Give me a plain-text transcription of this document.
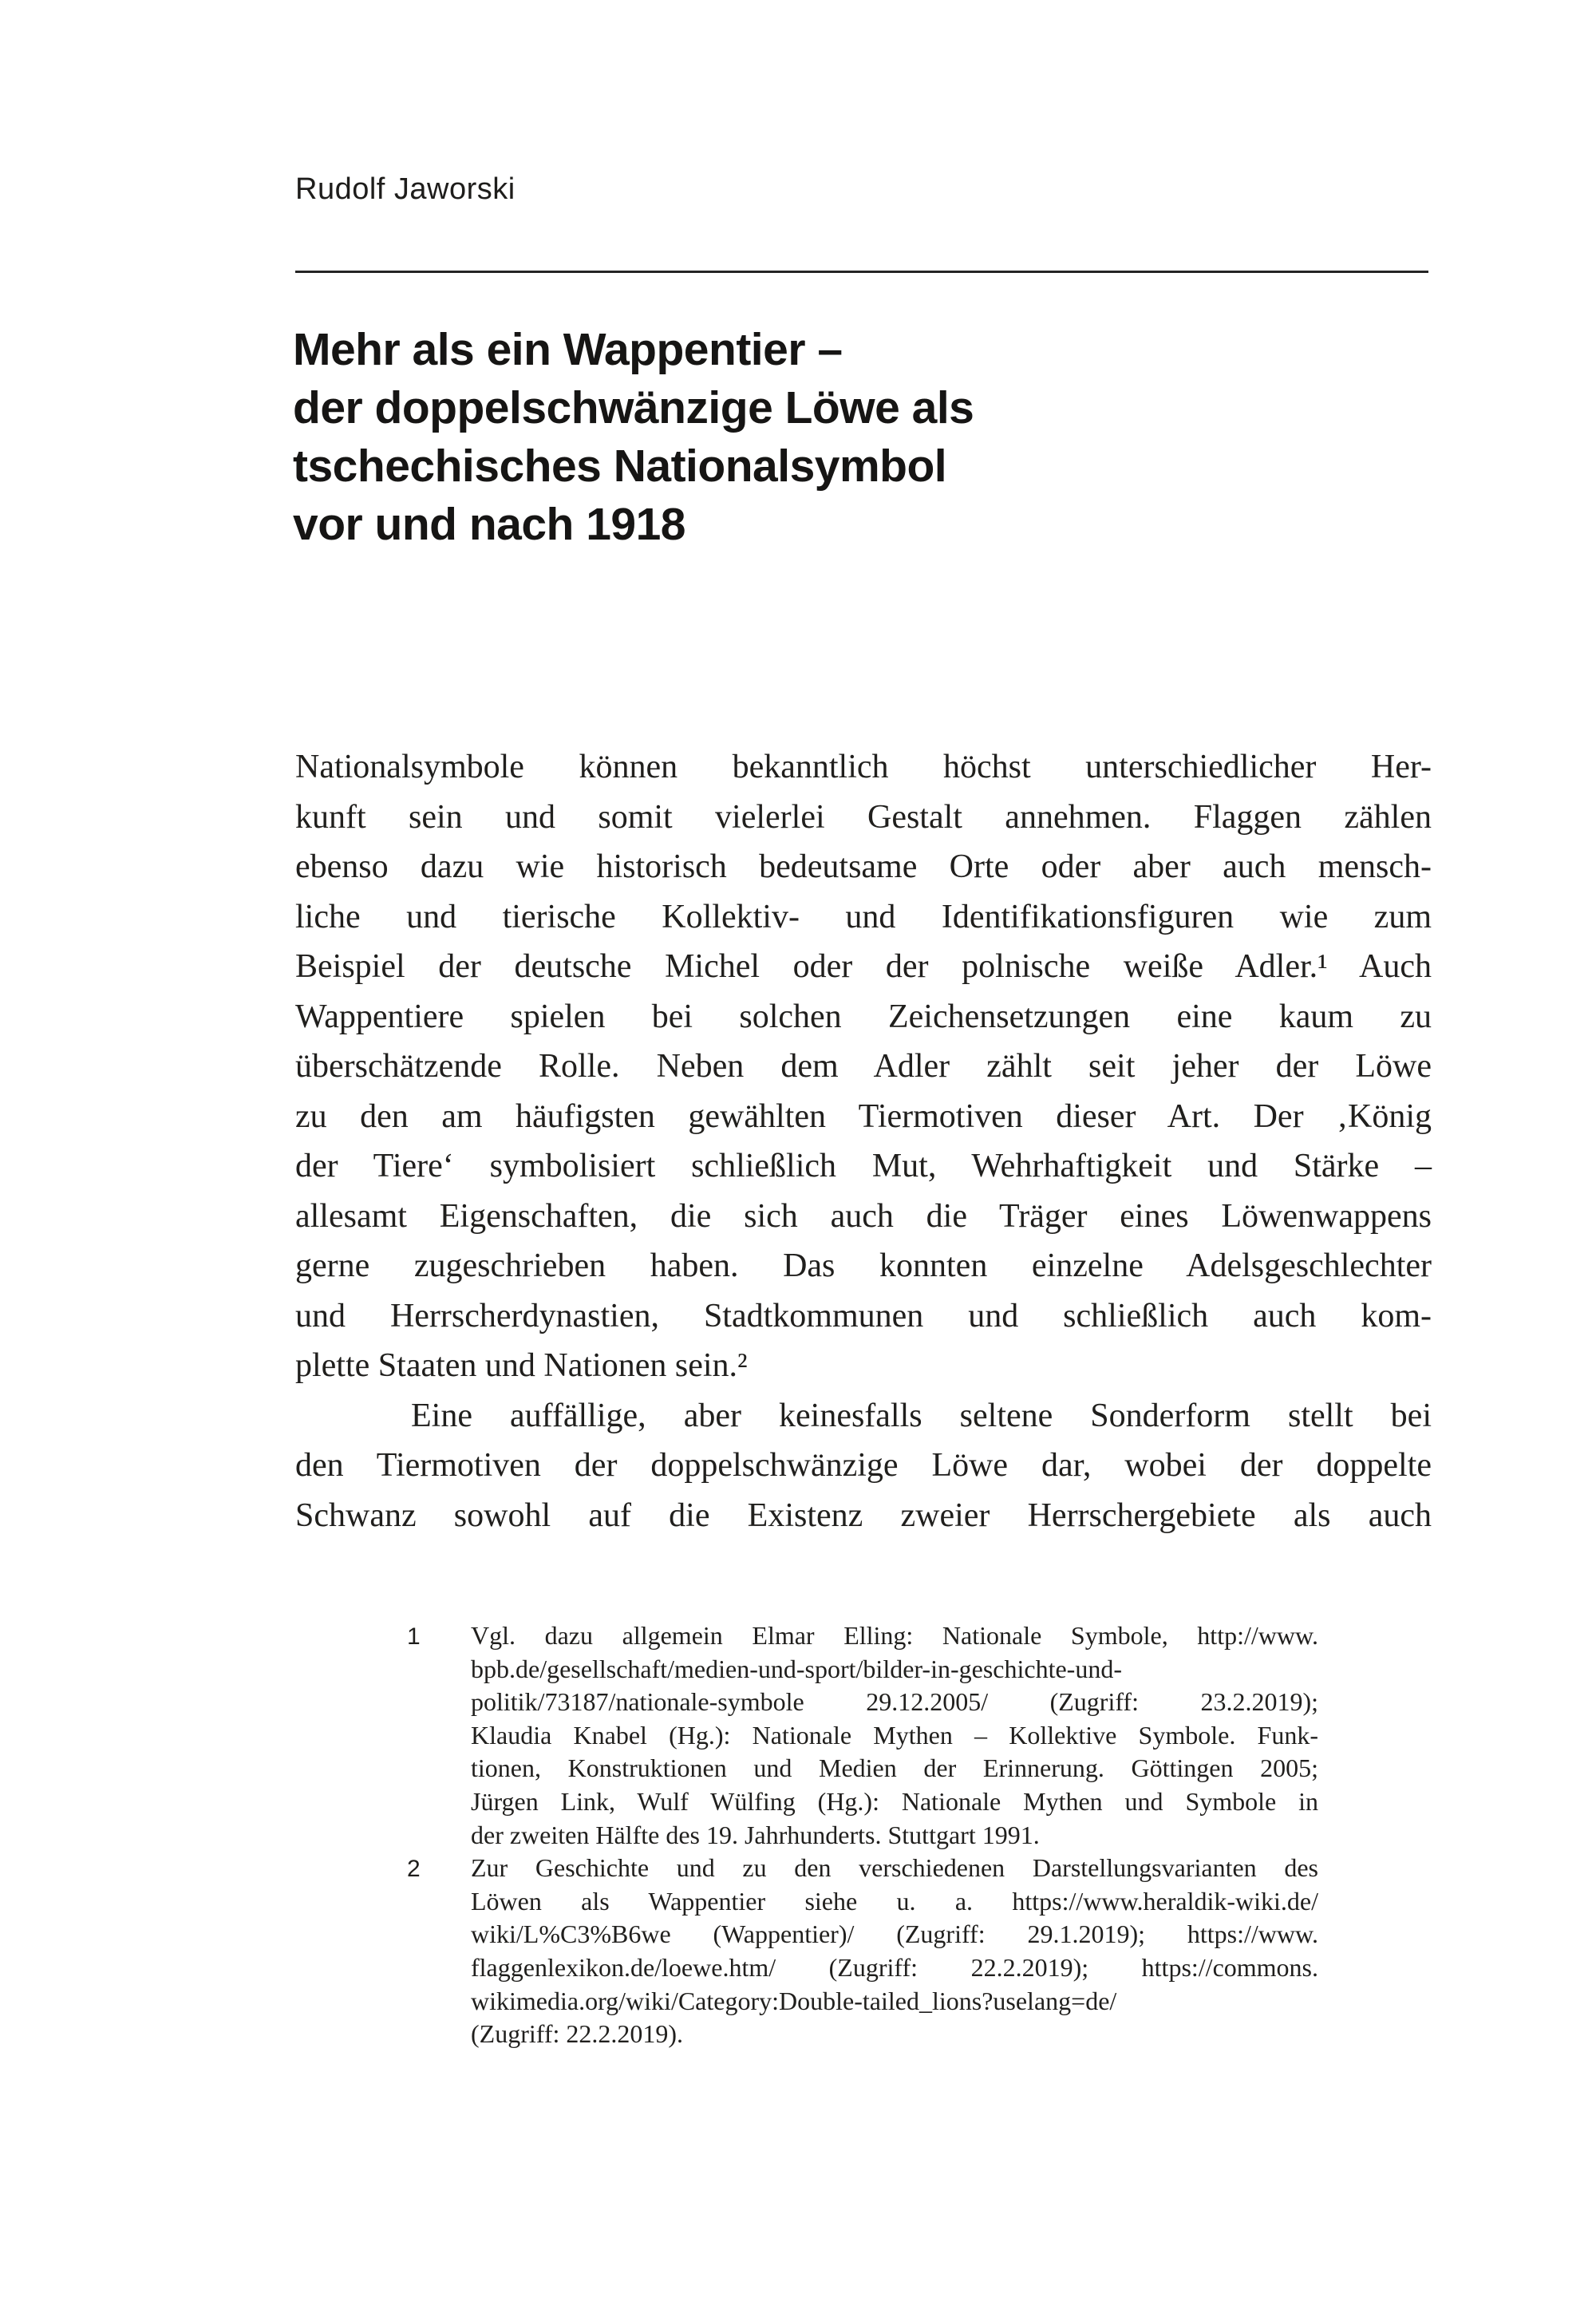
Rudolf Jaworski
Mehr als ein Wappentier –
der doppelschwänzige Löwe als
tschechisches Nationalsymbol
vor und nach 1918
Nationalsymbole können bekanntlich höchst unterschiedlicher Her-
kunft sein und somit vielerlei Gestalt annehmen. Flaggen zählen
ebenso dazu wie historisch bedeutsame Orte oder aber auch mensch-
liche und tierische Kollektiv- und Identifikationsfiguren wie zum
Beispiel der deutsche Michel oder der polnische weiße Adler.¹ Auch
Wappentiere spielen bei solchen Zeichensetzungen eine kaum zu
überschätzende Rolle. Neben dem Adler zählt seit jeher der Löwe
zu den am häufigsten gewählten Tiermotiven dieser Art. Der ‚König
der Tiere‘ symbolisiert schließlich Mut, Wehrhaftigkeit und Stärke –
allesamt Eigenschaften, die sich auch die Träger eines Löwenwappens
gerne zugeschrieben haben. Das konnten einzelne Adelsgeschlechter
und Herrscherdynastien, Stadtkommunen und schließlich auch kom-
plette Staaten und Nationen sein.²
Eine auffällige, aber keinesfalls seltene Sonderform stellt bei
den Tiermotiven der doppelschwänzige Löwe dar, wobei der doppelte
Schwanz sowohl auf die Existenz zweier Herrschergebiete als auch
1 Vgl. dazu allgemein Elmar Elling: Nationale Symbole, http://www.
bpb.de/gesellschaft/medien-und-sport/bilder-in-geschichte-und-
politik/73187/nationale-symbole 29.12.2005/ (Zugriff: 23.2.2019);
Klaudia Knabel (Hg.): Nationale Mythen – Kollektive Symbole. Funk-
tionen, Konstruktionen und Medien der Erinnerung. Göttingen 2005;
Jürgen Link, Wulf Wülfing (Hg.): Nationale Mythen und Symbole in
der zweiten Hälfte des 19. Jahrhunderts. Stuttgart 1991.
2 Zur Geschichte und zu den verschiedenen Darstellungsvarianten des
Löwen als Wappentier siehe u. a. https://www.heraldik-wiki.de/
wiki/L%C3%B6we (Wappentier)/ (Zugriff: 29.1.2019); https://www.
flaggenlexikon.de/loewe.htm/ (Zugriff: 22.2.2019); https://commons.
wikimedia.org/wiki/Category:Double-tailed_lions?uselang=de/
(Zugriff: 22.2.2019).
